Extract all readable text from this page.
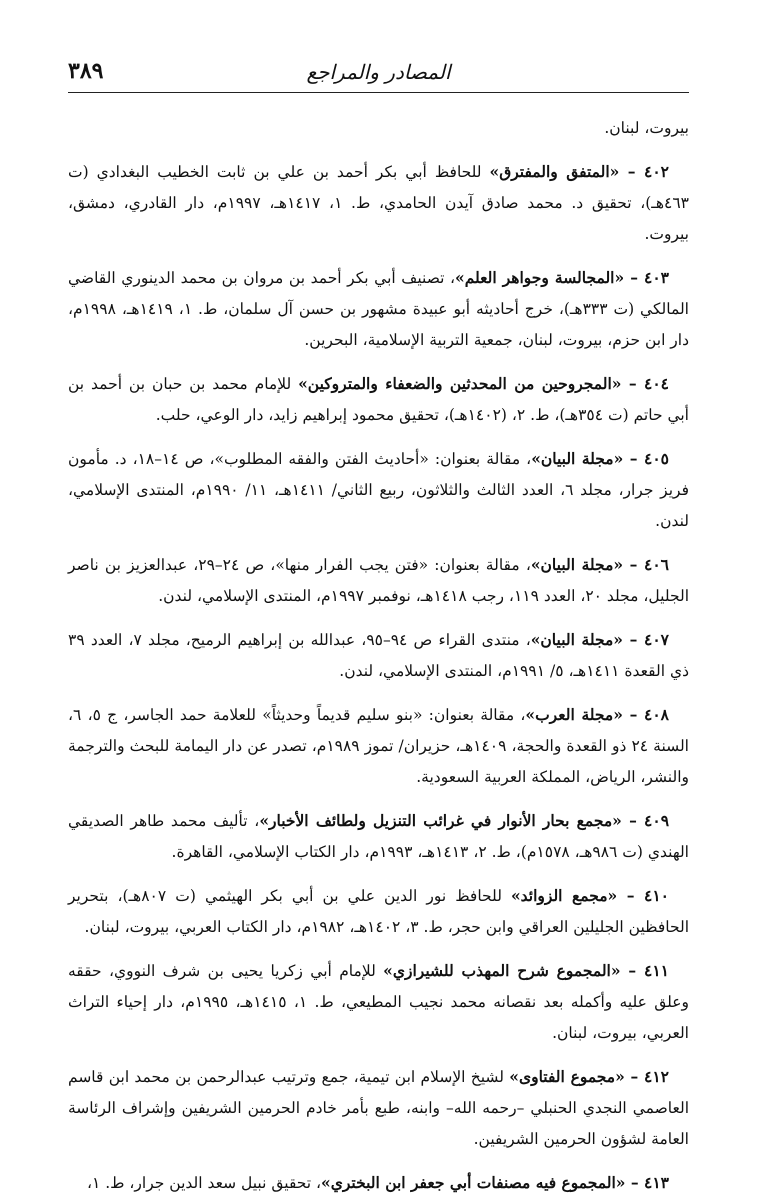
المصادر والمراجع
٣٨٩

بيروت، لبنان.

٤٠٢ – «المتفق والمفترق» للحافظ أبي بكر أحمد بن علي بن ثابت الخطيب البغدادي (ت ٤٦٣هـ)، تحقيق د. محمد صادق آيدن الحامدي، ط. ١، ١٤١٧هـ، ١٩٩٧م، دار القادري، دمشق، بيروت.

٤٠٣ – «المجالسة وجواهر العلم»، تصنيف أبي بكر أحمد بن مروان بن محمد الدينوري القاضي المالكي (ت ٣٣٣هـ)، خرج أحاديثه أبو عبيدة مشهور بن حسن آل سلمان، ط. ١، ١٤١٩هـ، ١٩٩٨م، دار ابن حزم، بيروت، لبنان، جمعية التربية الإسلامية، البحرين.

٤٠٤ – «المجروحين من المحدثين والضعفاء والمتروكين» للإمام محمد بن حبان بن أحمد بن أبي حاتم (ت ٣٥٤هـ)، ط. ٢، (١٤٠٢هـ)، تحقيق محمود إبراهيم زايد، دار الوعي، حلب.

٤٠٥ – «مجلة البيان»، مقالة بعنوان: «أحاديث الفتن والفقه المطلوب»، ص ١٤–١٨، د. مأمون فريز جرار، مجلد ٦، العدد الثالث والثلاثون، ربيع الثاني/ ١٤١١هـ، ١١/ ١٩٩٠م، المنتدى الإسلامي، لندن.

٤٠٦ – «مجلة البيان»، مقالة بعنوان: «فتن يجب الفرار منها»، ص ٢٤–٢٩، عبدالعزيز بن ناصر الجليل، مجلد ٢٠، العدد ١١٩، رجب ١٤١٨هـ، نوفمبر ١٩٩٧م، المنتدى الإسلامي، لندن.

٤٠٧ – «مجلة البيان»، منتدى القراء ص ٩٤–٩٥، عبدالله بن إبراهيم الرميح، مجلد ٧، العدد ٣٩ ذي القعدة ١٤١١هـ، ٥/ ١٩٩١م، المنتدى الإسلامي، لندن.

٤٠٨ – «مجلة العرب»، مقالة بعنوان: «بنو سليم قديماً وحديثاً» للعلامة حمد الجاسر، ج ٥، ٦، السنة ٢٤ ذو القعدة والحجة، ١٤٠٩هـ، حزيران/ تموز ١٩٨٩م، تصدر عن دار اليمامة للبحث والترجمة والنشر، الرياض، المملكة العربية السعودية.

٤٠٩ – «مجمع بحار الأنوار في غرائب التنزيل ولطائف الأخبار»، تأليف محمد طاهر الصديقي الهندي (ت ٩٨٦هـ، ١٥٧٨م)، ط. ٢، ١٤١٣هـ، ١٩٩٣م، دار الكتاب الإسلامي، القاهرة.

٤١٠ – «مجمع الزوائد» للحافظ نور الدين علي بن أبي بكر الهيثمي (ت ٨٠٧هـ)، بتحرير الحافظين الجليلين العراقي وابن حجر، ط. ٣، ١٤٠٢هـ، ١٩٨٢م، دار الكتاب العربي، بيروت، لبنان.

٤١١ – «المجموع شرح المهذب للشيرازي» للإمام أبي زكريا يحيى بن شرف النووي، حققه وعلق عليه وأكمله بعد نقصانه محمد نجيب المطيعي، ط. ١، ١٤١٥هـ، ١٩٩٥م، دار إحياء التراث العربي، بيروت، لبنان.

٤١٢ – «مجموع الفتاوى» لشيخ الإسلام ابن تيمية، جمع وترتيب عبدالرحمن بن محمد ابن قاسم العاصمي النجدي الحنبلي –رحمه الله– وابنه، طبع بأمر خادم الحرمين الشريفين وإشراف الرئاسة العامة لشؤون الحرمين الشريفين.

٤١٣ – «المجموع فيه مصنفات أبي جعفر ابن البختري»، تحقيق نبيل سعد الدين جرار، ط. ١،
